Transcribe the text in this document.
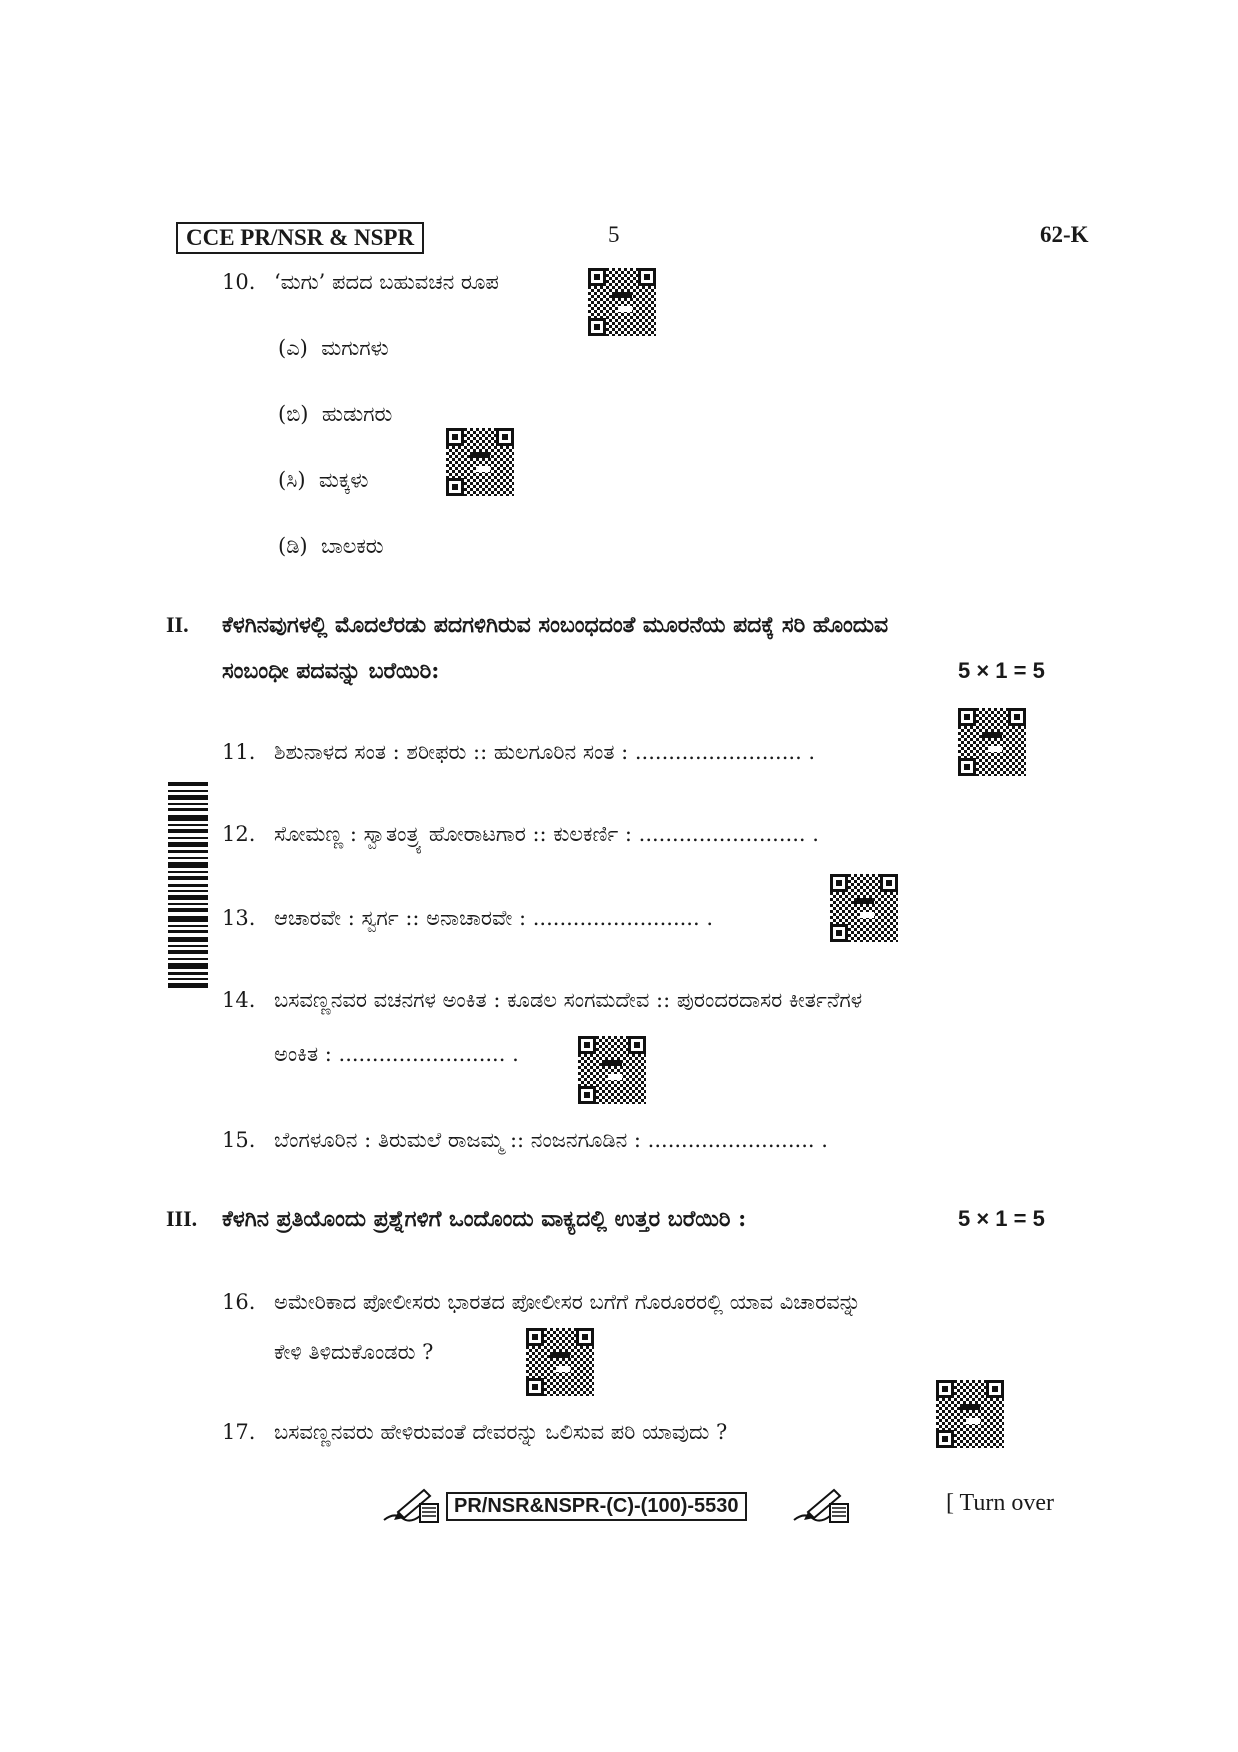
CCE PR/NSR & NSPR	5	62-K
10. ‘ಮಗು’ ಪದದ ಬಹುವಚನ ರೂಪ
(ಎ) ಮಗುಗಳು
(ಬಿ) ಹುಡುಗರು
(ಸಿ) ಮಕ್ಕಳು
(ಡಿ) ಬಾಲಕರು
II. ಕೆಳಗಿನವುಗಳಲ್ಲಿ ಮೊದಲೆರಡು ಪದಗಳಿಗಿರುವ ಸಂಬಂಧದಂತೆ ಮೂರನೆಯ ಪದಕ್ಕೆ ಸರಿ ಹೊಂದುವ
ಸಂಬಂಧೀ ಪದವನ್ನು ಬರೆಯಿರಿ:	5 × 1 = 5
11. ಶಿಶುನಾಳದ ಸಂತ : ಶರೀಫರು :: ಹುಲಗೂರಿನ ಸಂತ : ......................... .
12. ಸೋಮಣ್ಣ : ಸ್ವಾತಂತ್ರ್ಯ ಹೋರಾಟಗಾರ :: ಕುಲಕರ್ಣಿ : ......................... .
13. ಆಚಾರವೇ : ಸ್ವರ್ಗ :: ಅನಾಚಾರವೇ : ......................... .
14. ಬಸವಣ್ಣನವರ ವಚನಗಳ ಅಂಕಿತ : ಕೂಡಲ ಸಂಗಮದೇವ :: ಪುರಂದರದಾಸರ ಕೀರ್ತನೆಗಳ
ಅಂಕಿತ : ......................... .
15. ಬೆಂಗಳೂರಿನ : ತಿರುಮಲೆ ರಾಜಮ್ಮ :: ನಂಜನಗೂಡಿನ : ......................... .
III. ಕೆಳಗಿನ ಪ್ರತಿಯೊಂದು ಪ್ರಶ್ನೆಗಳಿಗೆ ಒಂದೊಂದು ವಾಕ್ಯದಲ್ಲಿ ಉತ್ತರ ಬರೆಯಿರಿ :	5 × 1 = 5
16. ಅಮೇರಿಕಾದ ಪೋಲೀಸರು ಭಾರತದ ಪೋಲೀಸರ ಬಗೆಗೆ ಗೊರೂರರಲ್ಲಿ ಯಾವ ವಿಚಾರವನ್ನು
ಕೇಳಿ ತಿಳಿದುಕೊಂಡರು ?
17. ಬಸವಣ್ಣನವರು ಹೇಳಿರುವಂತೆ ದೇವರನ್ನು ಒಲಿಸುವ ಪರಿ ಯಾವುದು ?
PR/NSR&NSPR-(C)-(100)-5530	[ Turn over
